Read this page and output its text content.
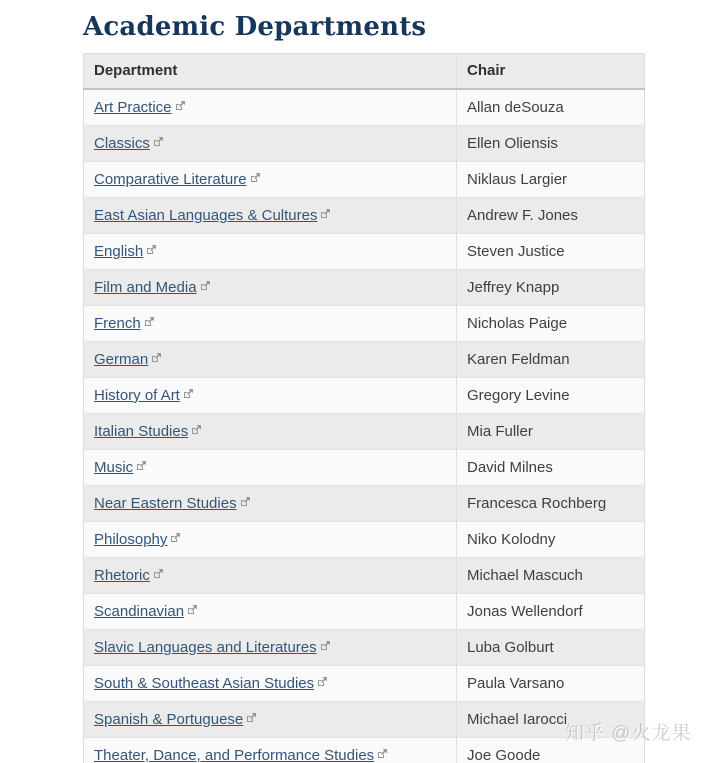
Academic Departments
Department	Chair
Art Practice	Allan deSouza
Classics	Ellen Oliensis
Comparative Literature	Niklaus Largier
East Asian Languages & Cultures	Andrew F. Jones
English	Steven Justice
Film and Media	Jeffrey Knapp
French	Nicholas Paige
German	Karen Feldman
History of Art	Gregory Levine
Italian Studies	Mia Fuller
Music	David Milnes
Near Eastern Studies	Francesca Rochberg
Philosophy	Niko Kolodny
Rhetoric	Michael Mascuch
Scandinavian	Jonas Wellendorf
Slavic Languages and Literatures	Luba Golburt
South & Southeast Asian Studies	Paula Varsano
Spanish & Portuguese	Michael Iarocci
Theater, Dance, and Performance Studies	Joe Goode
知乎 @火龙果
